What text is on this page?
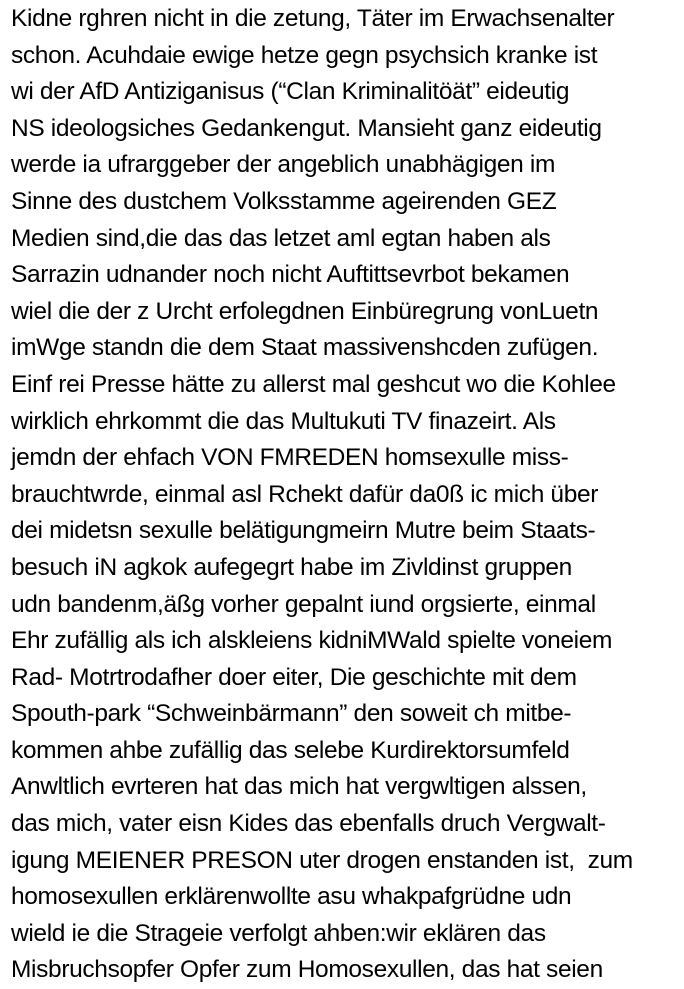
Kidne rghren nicht in die zetung, Täter im Erwachsenalter
schon. Acuhdaie ewige hetze gegn psychsich kranke ist
wi der AfD Antiziganisus (“Clan Kriminalitöät” eideutig
NS ideologsiches Gedankengut. Mansieht ganz eideutig
werde ia ufrarggeber der angeblich unabhägigen im
Sinne des dustchem Volksstamme ageirenden GEZ
Medien sind,die das das letzet aml egtan haben als
Sarrazin udnander noch nicht Auftittsevrbot bekamen
wiel die der z Urcht erfolegdnen Einbüregrung vonLuetn
imWge standn die dem Staat massivenshcden zufügen.
Einf rei Presse hätte zu allerst mal geshcut wo die Kohlee
wirklich ehrkommt die das Multukuti TV finazeirt. Als
jemdn der ehfach VON FMREDEN homsexulle miss-
brauchtwrde, einmal asl Rchekt dafür da0ß ic mich über
dei midetsn sexulle belätigungmeirn Mutre beim Staats-
besuch iN agkok aufegegrt habe im Zivldinst gruppen
udn bandenm,äßg vorher gepalnt iund orgsierte, einmal
Ehr zufällig als ich alskleiens kidniMWald spielte voneiem
Rad- Motrtrodafher doer eiter, Die geschichte mit dem
Spouth-park “Schweinbärmann” den soweit ch mitbe-
kommen ahbe zufällig das selebe Kurdirektorsumfeld
Anwltlich evrteren hat das mich hat vergwltigen alssen,
das mich, vater eisn Kides das ebenfalls druch Vergwalt-
igung MEIENER PRESON uter drogen enstanden ist,  zum
homosexullen erklärenwollte asu whakpafgrüdne udn
wield ie die Strageie verfolgt ahben:wir eklären das
Misbruchsopfer Opfer zum Homosexullen, das hat seien
